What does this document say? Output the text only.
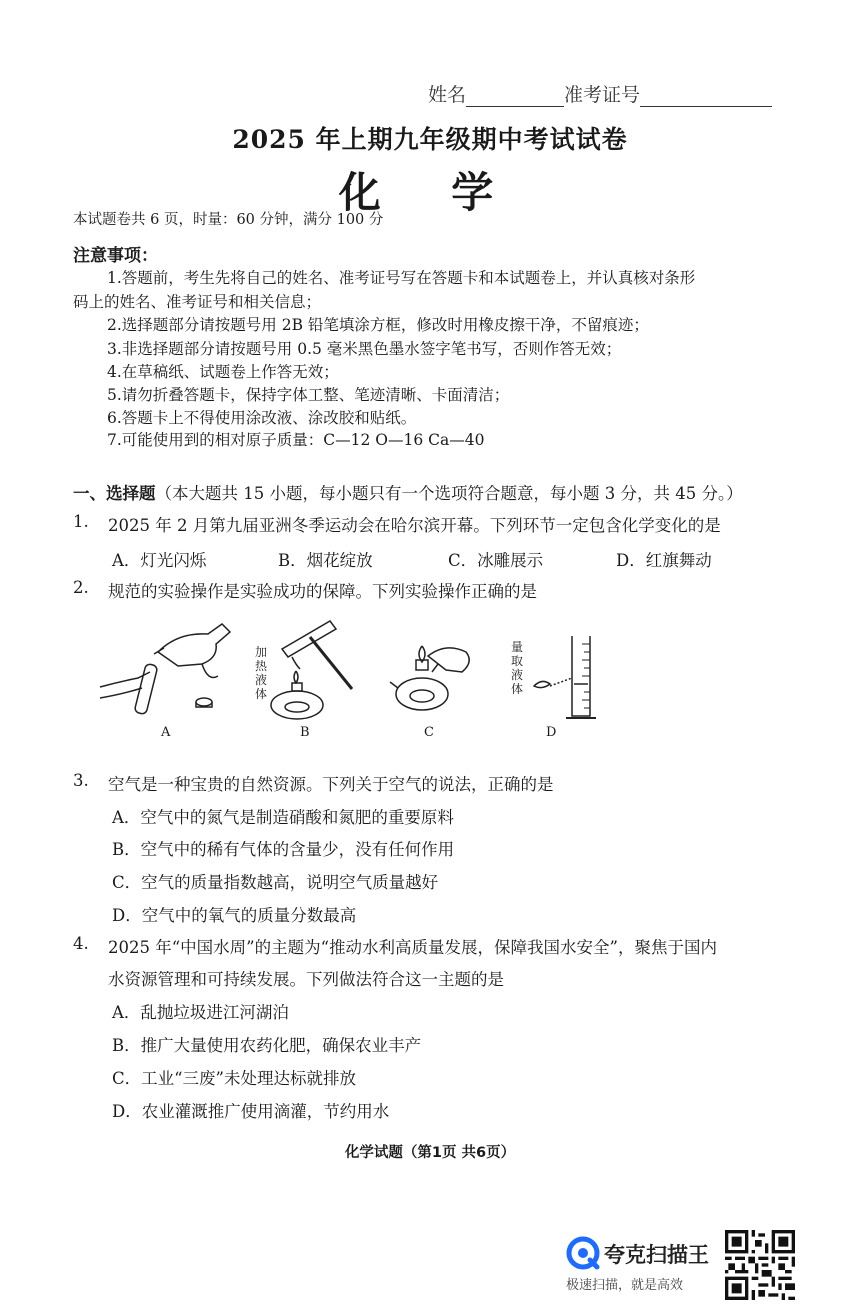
姓名	准考证号
2025 年上期九年级期中考试试卷
化 学
本试题卷共 6 页，时量：60 分钟，满分 100 分
注意事项：
1.答题前，考生先将自己的姓名、准考证号写在答题卡和本试题卷上，并认真核对条形
码上的姓名、准考证号和相关信息；
2.选择题部分请按题号用 2B 铅笔填涂方框，修改时用橡皮擦干净，不留痕迹；
3.非选择题部分请按题号用 0.5 毫米黑色墨水签字笔书写，否则作答无效；
4.在草稿纸、试题卷上作答无效；
5.请勿折叠答题卡，保持字体工整、笔迹清晰、卡面清洁；
6.答题卡上不得使用涂改液、涂改胶和贴纸。
7.可能使用到的相对原子质量：C—12 O—16 Ca—40
一、选择题（本大题共 15 小题，每小题只有一个选项符合题意，每小题 3 分，共 45 分。）
1. 2025 年 2 月第九届亚洲冬季运动会在哈尔滨开幕。下列环节一定包含化学变化的是
A．灯光闪烁	B．烟花绽放	C．冰雕展示	D．红旗舞动
2. 规范的实验操作是实验成功的保障。下列实验操作正确的是
A
加热液体
B	C
量取液体
D
3. 空气是一种宝贵的自然资源。下列关于空气的说法，正确的是
A．空气中的氮气是制造硝酸和氮肥的重要原料
B．空气中的稀有气体的含量少，没有任何作用
C．空气的质量指数越高，说明空气质量越好
D．空气中的氧气的质量分数最高
4. 2025 年“中国水周”的主题为“推动水利高质量发展，保障我国水安全”，聚焦于国内
水资源管理和可持续发展。下列做法符合这一主题的是
A．乱抛垃圾进江河湖泊
B．推广大量使用农药化肥，确保农业丰产
C．工业“三废”未处理达标就排放
D．农业灌溉推广使用滴灌，节约用水
化学试题（第1页 共6页）
夸克扫描王
极速扫描，就是高效
